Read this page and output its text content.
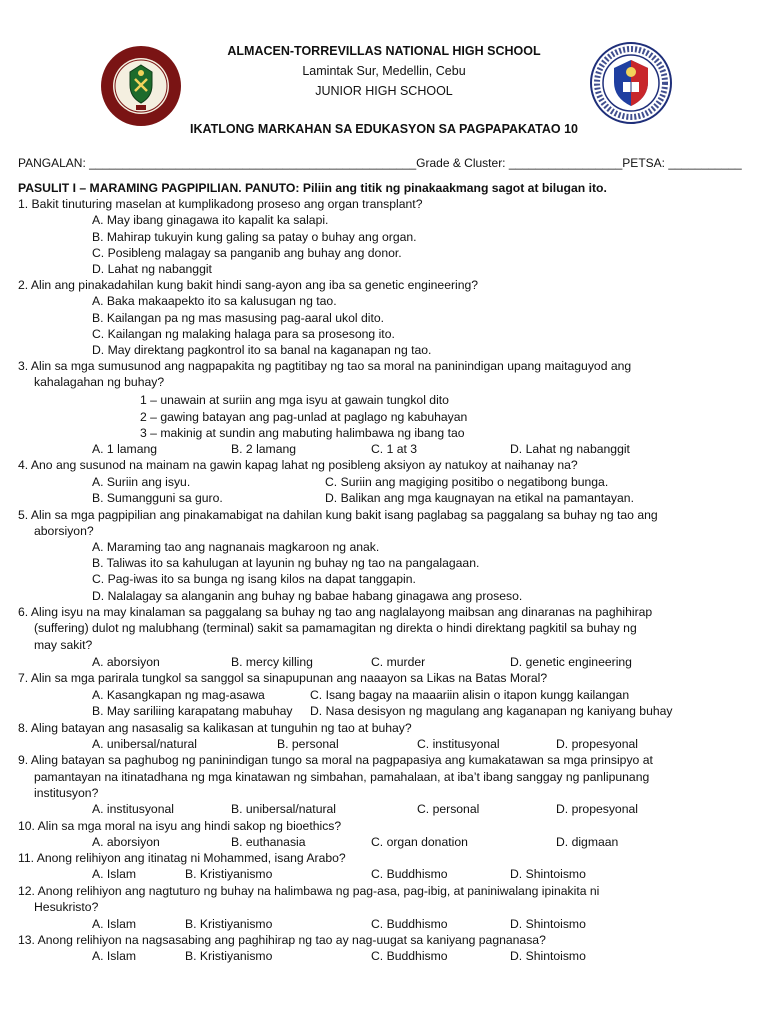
ALMACEN-TORREVILLAS NATIONAL HIGH SCHOOL
Lamintak Sur, Medellin, Cebu
JUNIOR HIGH SCHOOL
IKATLONG MARKAHAN SA EDUKASYON SA PAGPAPAKATAO 10
PANGALAN: _________________________________________________Grade & Cluster: _________________PETSA: ___________
PASULIT I – MARAMING PAGPIPILIAN. PANUTO: Piliin ang titik ng pinakaakmang sagot at bilugan ito.
1. Bakit tinuturing maselan at kumplikadong proseso ang organ transplant?
A. May ibang ginagawa ito kapalit ka salapi.
B. Mahirap tukuyin kung galing sa patay o buhay ang organ.
C. Posibleng malagay sa panganib ang buhay ang donor.
D. Lahat ng nabanggit
2. Alin ang pinakadahilan kung bakit hindi sang-ayon ang iba sa genetic engineering?
A. Baka makaapekto ito sa kalusugan ng tao.
B. Kailangan pa ng mas masusing pag-aaral ukol dito.
C. Kailangan ng malaking halaga para sa prosesong ito.
D. May direktang pagkontrol ito sa banal na kaganapan ng tao.
3. Alin sa mga sumusunod ang nagpapakita ng pagtitibay ng tao sa moral na paninindigan upang maitaguyod ang
kahalagahan ng buhay?
1 – unawain at suriin ang mga isyu at gawain tungkol dito
2 – gawing batayan ang pag-unlad at paglago ng kabuhayan
3 – makinig at sundin ang mabuting halimbawa ng ibang tao
A. 1 lamang	B. 2 lamang	C. 1 at 3	D. Lahat ng nabanggit
4. Ano ang susunod na mainam na gawin kapag lahat ng posibleng aksiyon ay natukoy at naihanay na?
A. Suriin ang isyu.	C. Suriin ang magiging positibo o negatibong bunga.
B. Sumangguni sa guro.	D. Balikan ang mga kaugnayan na etikal na pamantayan.
5. Alin sa mga pagpipilian ang pinakamabigat na dahilan kung bakit isang paglabag sa paggalang sa buhay ng tao ang
aborsiyon?
A. Maraming tao ang nagnanais magkaroon ng anak.
B. Taliwas ito sa kahulugan at layunin ng buhay ng tao na pangalagaan.
C. Pag-iwas ito sa bunga ng isang kilos na dapat tanggapin.
D. Nalalagay sa alanganin ang buhay ng babae habang ginagawa ang proseso.
6. Aling isyu na may kinalaman sa paggalang sa buhay ng tao ang naglalayong maibsan ang dinaranas na paghihirap
(suffering) dulot ng malubhang (terminal) sakit sa pamamagitan ng direkta o hindi direktang pagkitil sa buhay ng
may sakit?
A. aborsiyon	B. mercy killing	C. murder	D. genetic engineering
7. Alin sa mga parirala tungkol sa sanggol sa sinapupunan ang naaayon sa Likas na Batas Moral?
A. Kasangkapan ng mag-asawa	C. Isang bagay na maaariin alisin o itapon kungg kailangan
B. May sariliing karapatang mabuhay D. Nasa desisyon ng magulang ang kaganapan ng kaniyang buhay
8. Aling batayan ang nasasalig sa kalikasan at tunguhin ng tao at buhay?
A. unibersal/natural	B. personal	C. institusyonal	D. propesyonal
9. Aling batayan sa paghubog ng paninindigan tungo sa moral na pagpapasiya ang kumakatawan sa mga prinsipyo at
pamantayan na itinatadhana ng mga kinatawan ng simbahan, pamahalaan, at iba’t ibang sanggay ng panlipunang
institusyon?
A. institusyonal	B. unibersal/natural	C. personal	D. propesyonal
10. Alin sa mga moral na isyu ang hindi sakop ng bioethics?
A. aborsiyon	B. euthanasia	C. organ donation	D. digmaan
11. Anong relihiyon ang itinatag ni Mohammed, isang Arabo?
A. Islam	B. Kristiyanismo	C. Buddhismo	D. Shintoismo
12. Anong relihiyon ang nagtuturo ng buhay na halimbawa ng pag-asa, pag-ibig, at paniniwalang ipinakita ni
Hesukristo?
A. Islam	B. Kristiyanismo	C. Buddhismo	D. Shintoismo
13. Anong relihiyon na nagsasabing ang paghihirap ng tao ay nag-uugat sa kaniyang pagnanasa?
A. Islam	B. Kristiyanismo	C. Buddhismo	D. Shintoismo
